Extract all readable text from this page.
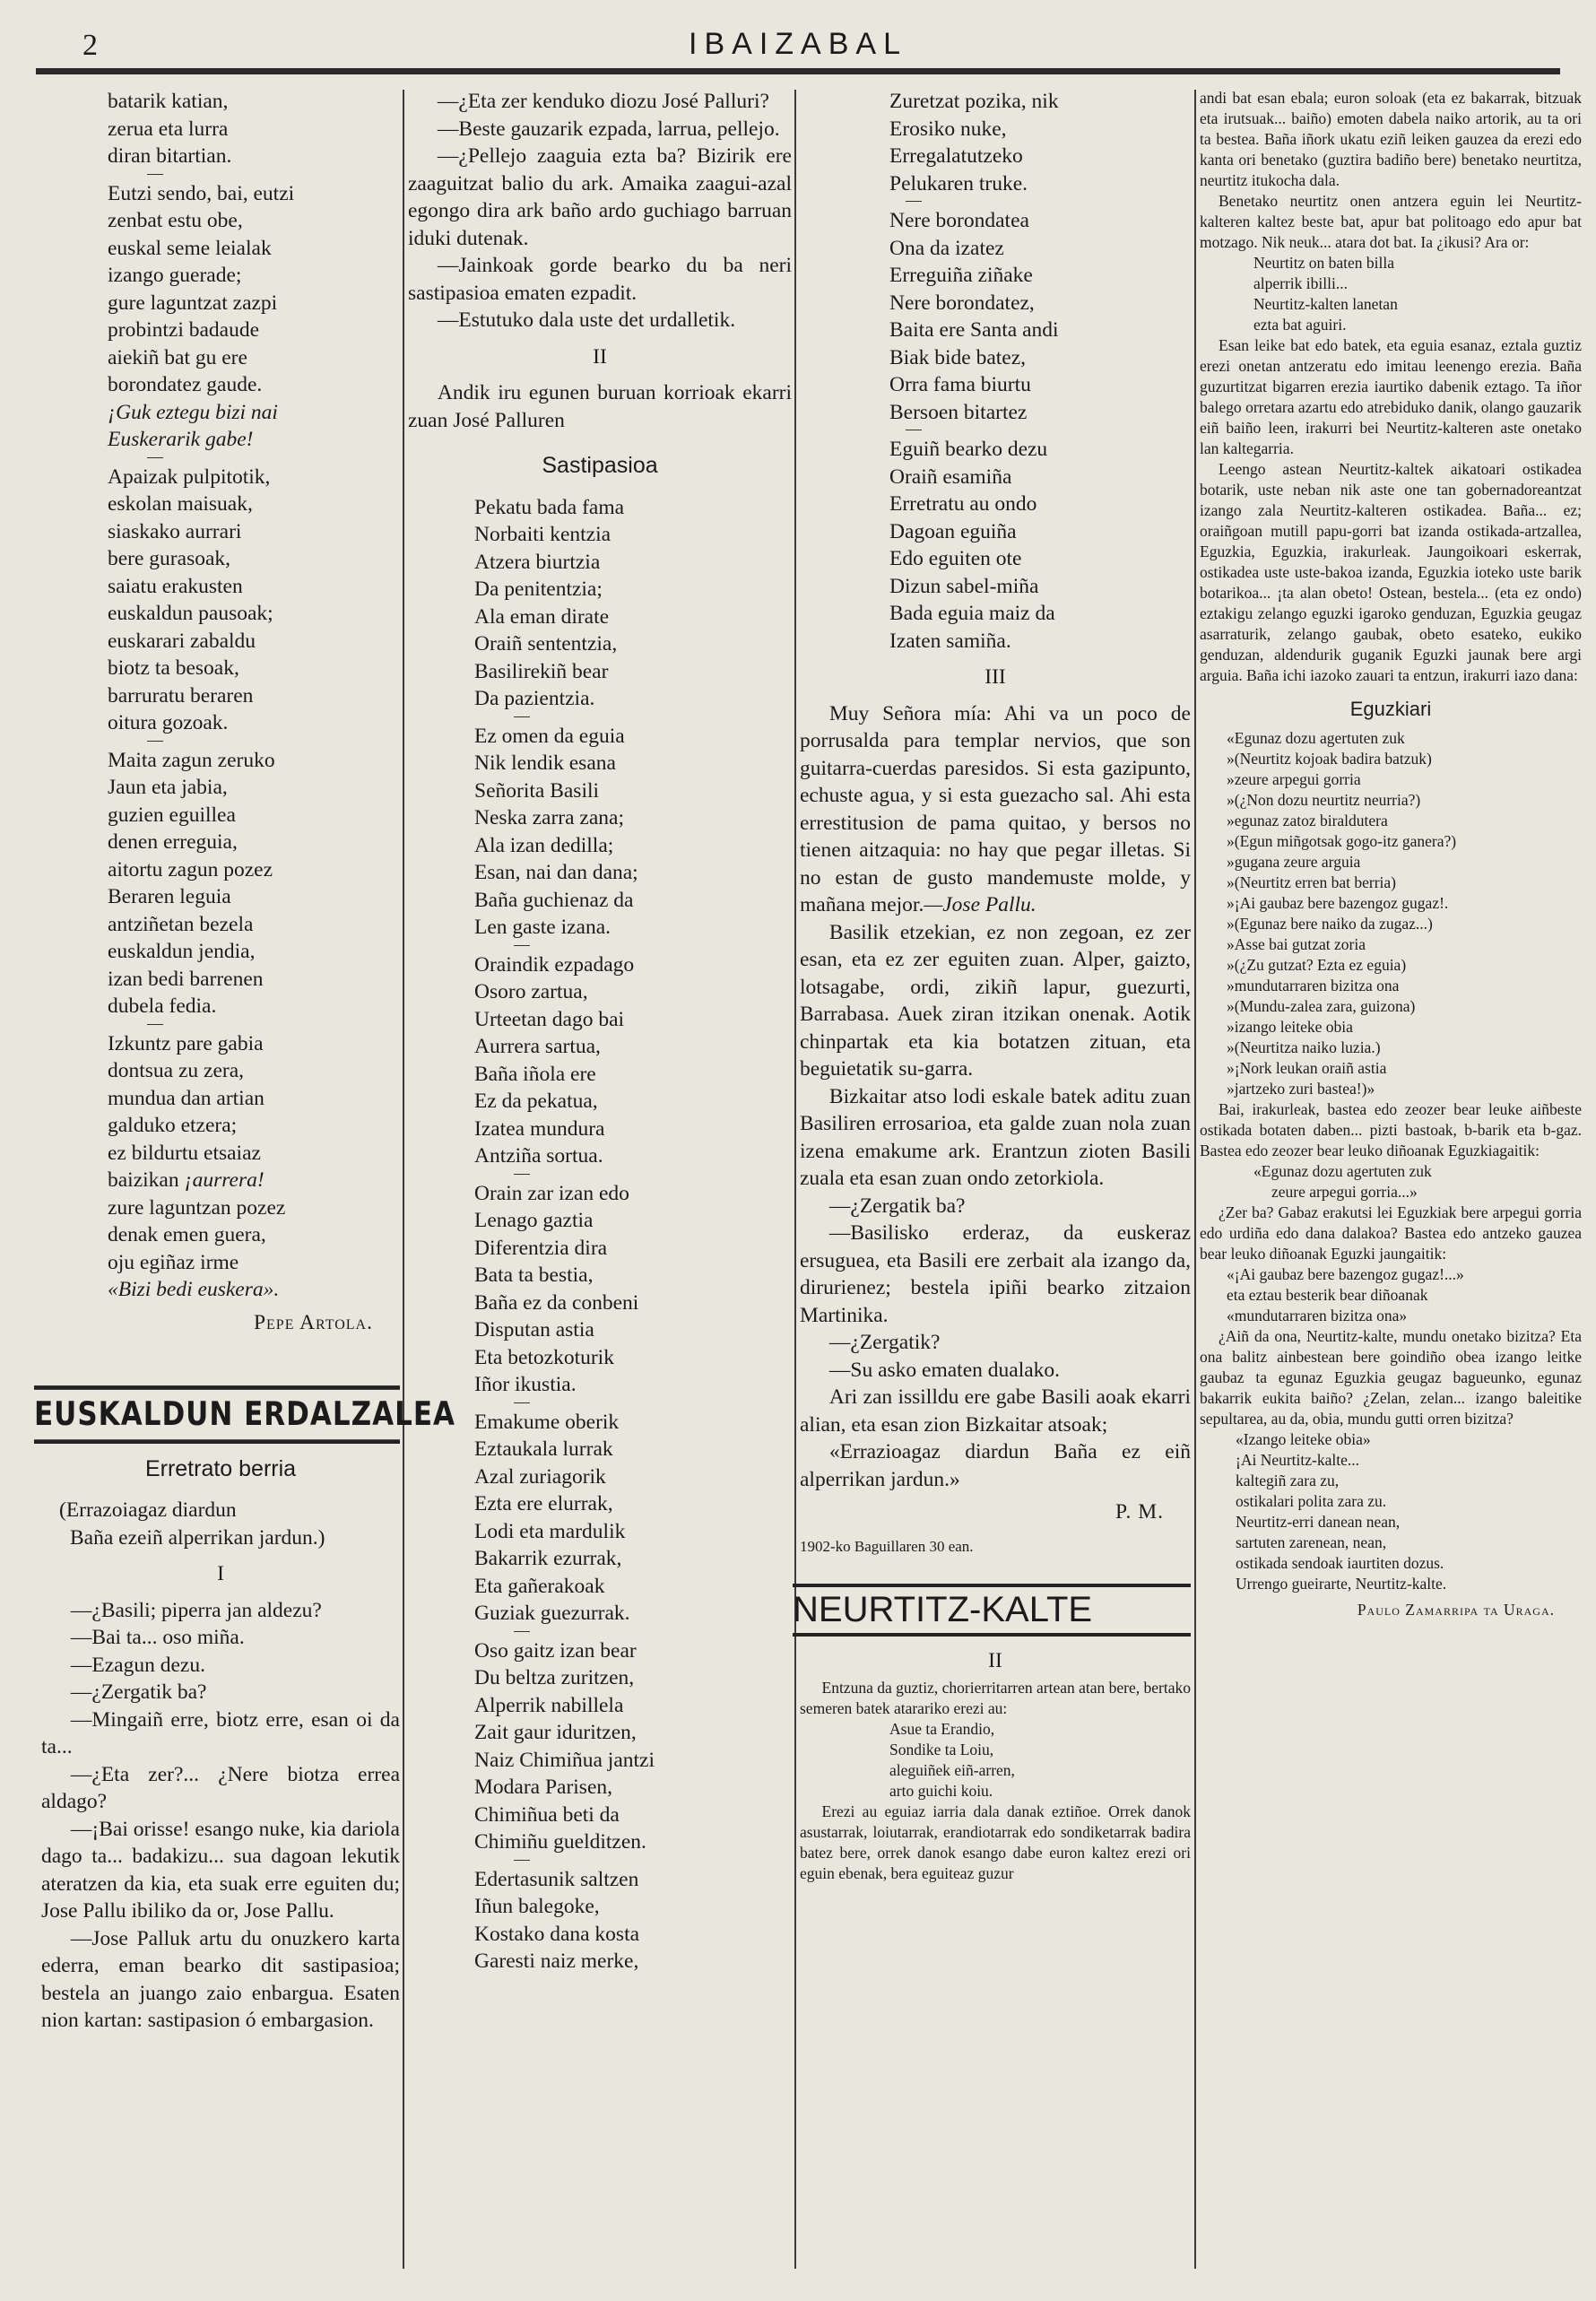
2	IBAIZABAL
batarik katian,
zerua eta lurra
diran bitartian.
Eutzi sendo, bai, eutzi
zenbat estu obe,
euskal seme leialak
izango guerade;
gure laguntzat zazpi
probintzi badaude
aiekiñ bat gu ere
borondatez gaude.
¡Guk eztegu bizi nai
Euskerarik gabe!
Apaizak pulpitotik,
eskolan maisuak,
siaskako aurrari
bere gurasoak,
saiatu erakusten
euskaldun pausoak;
euskarari zabaldu
biotz ta besoak,
barruratu beraren
oitura gozoak.
Maita zagun zeruko
Jaun eta jabia,
guzien eguillea
denen erreguia,
aitortu zagun pozez
Beraren leguia
antziñetan bezela
euskaldun jendia,
izan bedi barrenen
dubela fedia.
Izkuntz pare gabia
dontsua zu zera,
mundua dan artian
galduko etzera;
ez bildurtu etsaiaz
baizikan ¡aurrera!
zure laguntzan pozez
denak emen guera,
oju egiñaz irme
«Bizi bedi euskera».
Pepe Artola.
EUSKALDUN ERDALZALEA
Erretrato berria
(Errazoiagaz diardun
Baña ezeiñ alperrikan jardun.)
I

—¿Basili; piperra jan aldezu?

—Bai ta... oso miña.

—Ezagun dezu.

—¿Zergatik ba?

—Mingaiñ erre, biotz erre, esan oi da ta...

—¿Eta zer?... ¿Nere biotza errea aldago?

—¡Bai orisse! esango nuke, kia dariola dago ta... badakizu... sua dagoan lekutik ateratzen da kia, eta suak erre eguiten du; Jose Pallu ibiliko da or, Jose Pallu.

—Jose Palluk artu du onuzkero karta ederra, eman bearko dit sastipasioa; bestela an juango zaio enbargua. Esaten nion kartan: sastipasion ó embargasion.

—¿Eta zer kenduko diozu José Palluri?

—Beste gauzarik ezpada, larrua, pellejo.

—¿Pellejo zaaguia ezta ba? Bizirik ere zaaguitzat balio du ark. Amaika zaagui-azal egongo dira ark baño ardo guchiago barruan iduki dutenak.

—Jainkoak gorde bearko du ba neri sastipasioa ematen ezpadit.

—Estutuko dala uste det urdalletik.

II

Andik iru egunen buruan korrioak ekarri zuan José Palluren

Sastipasioa
Pekatu bada fama
Norbaiti kentzia
Atzera biurtzia
Da penitentzia;
Ala eman dirate
Oraiñ sententzia,
Basilirekiñ bear
Da pazientzia.
Ez omen da eguia
Nik lendik esana
Señorita Basili
Neska zarra zana;
Ala izan dedilla;
Esan, nai dan dana;
Baña guchienaz da
Len gaste izana.
Oraindik ezpadago
Osoro zartua,
Urteetan dago bai
Aurrera sartua,
Baña iñola ere
Ez da pekatua,
Izatea mundura
Antziña sortua.
Orain zar izan edo
Lenago gaztia
Diferentzia dira
Bata ta bestia,
Baña ez da conbeni
Disputan astia
Eta betozkoturik
Iñor ikustia.
Emakume oberik
Eztaukala lurrak
Azal zuriagorik
Ezta ere elurrak,
Lodi eta mardulik
Bakarrik ezurrak,
Eta gañerakoak
Guziak guezurrak.
Oso gaitz izan bear
Du beltza zuritzen,
Alperrik nabillela
Zait gaur iduritzen,
Naiz Chimiñua jantzi
Modara Parisen,
Chimiñua beti da
Chimiñu guelditzen.
Edertasunik saltzen
Iñun balegoke,
Kostako dana kosta
Garesti naiz merke,
Zuretzat pozika, nik
Erosiko nuke,
Erregalatutzeko
Pelukaren truke.
Nere borondatea
Ona da izatez
Erreguiña ziñake
Nere borondatez,
Baita ere Santa andi
Biak bide batez,
Orra fama biurtu
Bersoen bitartez
Eguiñ bearko dezu
Oraiñ esamiña
Erretratu au ondo
Dagoan eguiña
Edo eguiten ote
Dizun sabel-miña
Bada eguia maiz da
Izaten samiña.
III

Muy Señora mía: Ahi va un poco de porrusalda para templar nervios, que son guitarra-cuerdas paresidos. Si esta gazipunto, echuste agua, y si esta guezacho sal. Ahi esta errestitusion de pama quitao, y bersos no tienen aitzaquia: no hay que pegar illetas. Si no estan de gusto mandemuste molde, y mañana mejor.—Jose Pallu.

Basilik etzekian, ez non zegoan, ez zer esan, eta ez zer eguiten zuan. Alper, gaizto, lotsagabe, ordi, zikiñ lapur, guezurti, Barrabasa. Auek ziran itzikan onenak. Aotik chinpartak eta kia botatzen zituan, eta beguietatik su-garra.

Bizkaitar atso lodi eskale batek aditu zuan Basiliren errosarioa, eta galde zuan nola zuan izena emakume ark. Erantzun zioten Basili zuala eta esan zuan ondo zetorkiola.

—¿Zergatik ba?

—Basilisko erderaz, da euskeraz ersuguea, eta Basili ere zerbait ala izango da, dirurienez; bestela ipiñi bearko zitzaion Martinika.

—¿Zergatik?

—Su asko ematen dualako.

Ari zan issilldu ere gabe Basili aoak ekarri alian, eta esan zion Bizkaitar atsoak;

«Errazioagaz diardun Baña ez eiñ alperrikan jardun.»

P. M.
1902-ko Baguillaren 30 ean.
NEURTITZ-KALTE
II

Entzuna da guztiz, chorierritarren artean atan bere, bertako semeren batek atarariko erezi au:

Asue ta Erandio,
Sondike ta Loiu,
aleguiñek eiñ-arren,
arto guichi koiu.

Erezi au eguiaz iarria dala danak eztiñoe. Orrek danok asustarrak, loiutarrak, erandiotarrak edo sondiketarrak badira batez bere, orrek danok esango dabe euron kaltez erezi ori eguin ebenak, bera eguiteaz guzur

andi bat esan ebala; euron soloak (eta ez bakarrak, bitzuak eta irutsuak... baiño) emoten dabela naiko artorik, au ta ori ta bestea. Baña iñork ukatu eziñ leiken gauzea da erezi edo kanta ori benetako (guztira badiño bere) benetako neurtitza, neurtitz itukocha dala.

Benetako neurtitz onen antzera eguin lei Neurtitz-kalteren kaltez beste bat, apur bat politoago edo apur bat motzago. Nik neuk... atara dot bat. Ia ¿ikusi? Ara or:

Neurtitz on baten billa
alperrik ibilli...
Neurtitz-kalten lanetan
ezta bat aguiri.

Esan leike bat edo batek, eta eguia esanaz, eztala guztiz erezi onetan antzeratu edo imitau leenengo erezia. Baña guzurtitzat bigarren erezia iaurtiko dabenik eztago. Ta iñor balego orretara azartu edo atrebiduko danik, olango gauzarik eiñ baiño leen, irakurri bei Neurtitz-kalteren aste onetako lan kaltegarria.

Leengo astean Neurtitz-kaltek aikatoari ostikadea botarik, uste neban nik aste one tan gobernadoreantzat izango zala Neurtitz-kalteren ostikadea. Baña... ez; oraiñgoan mutill papu-gorri bat izanda ostikada-artzallea, Eguzkia, Eguzkia, irakurleak. Jaungoikoari eskerrak, ostikadea uste uste-bakoa izanda, Eguzkia ioteko uste barik botarikoa... ¡ta alan obeto! Ostean, bestela... (eta ez ondo) eztakigu zelango eguzki igaroko genduzan, Eguzkia geugaz asarraturik, zelango gaubak, obeto esateko, eukiko genduzan, aldendurik guganik Eguzki jaunak bere argi arguia. Baña ichi iazoko zauari ta entzun, irakurri iazo dana:

Eguzkiari
«Egunaz dozu agertuten zuk
»(Neurtitz kojoak badira batzuk)
»zeure arpegui gorria
»(¿Non dozu neurtitz neurria?)
»egunaz zatoz biraldutera
»(Egun miñgotsak gogo-itz ganera?)
»gugana zeure arguia
»(Neurtitz erren bat berria)
»¡Ai gaubaz bere bazengoz gugaz!.
»(Egunaz bere naiko da zugaz...)
»Asse bai gutzat zoria
»(¿Zu gutzat? Ezta ez eguia)
»mundutarraren bizitza ona
»(Mundu-zalea zara, guizona)
»izango leiteke obia
»(Neurtitza naiko luzia.)
»¡Nork leukan oraiñ astia
»jartzeko zuri bastea!)»

Bai, irakurleak, bastea edo zeozer bear leuke aiñbeste ostikada botaten daben... pizti bastoak, b-barik eta b-gaz. Bastea edo zeozer bear leuko diñoanak Eguzkiagaitik:

«Egunaz dozu agertuten zuk
zeure arpegui gorria...»

¿Zer ba? Gabaz erakutsi lei Eguzkiak bere arpegui gorria edo urdiña edo dana dalakoa? Bastea edo antzeko gauzea bear leuko diñoanak Eguzki jaungaitik:

«¡Ai gaubaz bere bazengoz gugaz!...»
eta eztau besterik bear diñoanak
«mundutarraren bizitza ona»

¿Aiñ da ona, Neurtitz-kalte, mundu onetako bizitza? Eta ona balitz ainbestean bere goindiño obea izango leitke gaubaz ta egunaz Eguzkia geugaz bagueunko, egunaz bakarrik eukita baiño? ¿Zelan, zelan... izango baleitike sepultarea, au da, obia, mundu gutti orren bizitza?

«Izango leiteke obia»
¡Ai Neurtitz-kalte...
kaltegiñ zara zu,
ostikalari polita zara zu.
Neurtitz-erri danean nean,
sartuten zarenean, nean,
ostikada sendoak iaurtiten dozus.
Urrengo gueirarte, Neurtitz-kalte.
Paulo Zamarripa ta Uraga.
